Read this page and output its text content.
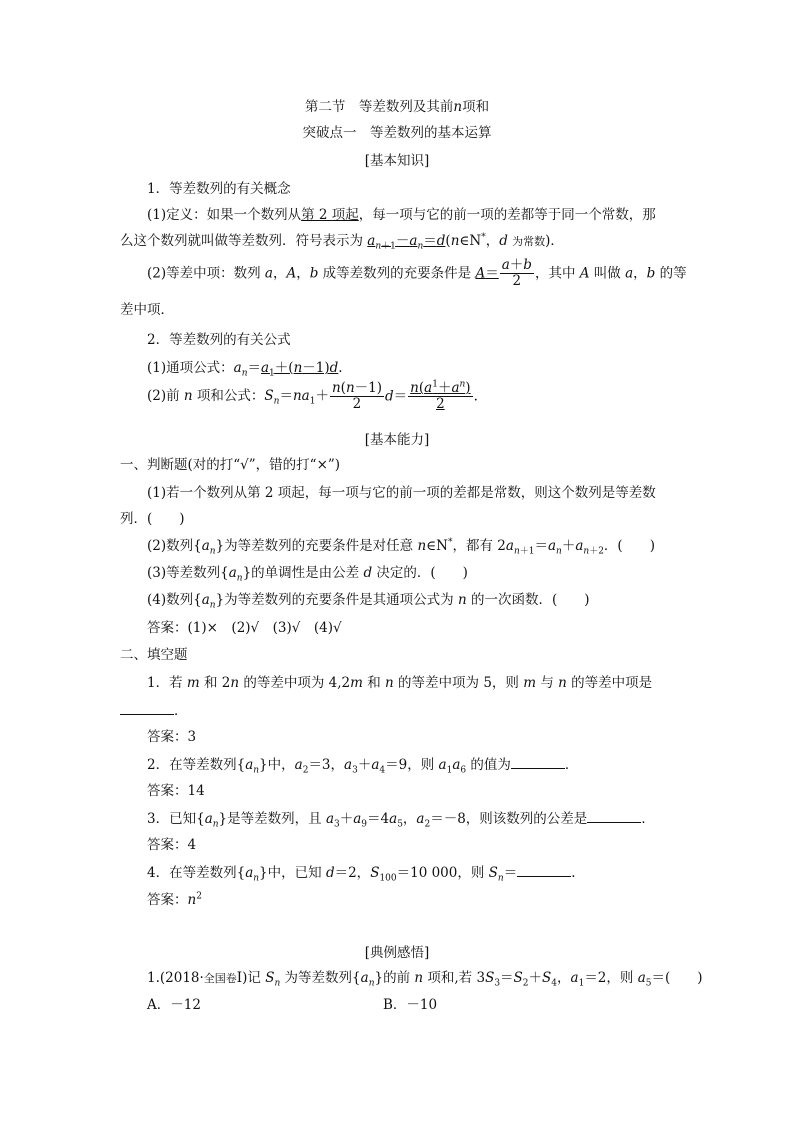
第二节　等差数列及其前n项和
突破点一　等差数列的基本运算
[基本知识]
1．等差数列的有关概念
(1)定义：如果一个数列从第 2 项起，每一项与它的前一项的差都等于同一个常数，那
么这个数列就叫做等差数列．符号表示为 $a_{n+1}-a_n=d(n\in N^*$，d 为常数)．
(2)等差中项：数列 a，A，b 成等差数列的充要条件是 $A= \frac{a+b}{2}$ ，其中 A 叫做 a，b 的等
差中项．
2．等差数列的有关公式
(1)通项公式：$a_n=a_1+(n-1)d$.
(2)前 n 项和公式：$S_n=na_1+ \frac{n(n-1)}{2} d= \frac{n(a^1+a^n)}{2}$ .
[基本能力]
一、判断题(对的打“√”，错的打“×”)
(1)若一个数列从第 2 项起，每一项与它的前一项的差都是常数，则这个数列是等差数
列．(　　)
(2)数列$\{a_n\}$为等差数列的充要条件是对任意 n∈N*，都有 $2a_{n+1}=a_n+a_{n+2}$．(　　)
(3)等差数列$\{a_n\}$的单调性是由公差 d 决定的．(　　)
(4)数列$\{a_n\}$为等差数列的充要条件是其通项公式为 n 的一次函数．(　　)
答案：(1)×　(2)√　(3)√　(4)√
二、填空题
1．若 m 和 2n 的等差中项为 4,2m 和 n 的等差中项为 5，则 m 与 n 的等差中项是
．
答案：3
2．在等差数列$\{a_n\}$中，$a_2=3$，$a_3+a_4=9$，则 $a_1a_6$ 的值为	．
答案：14
3．已知$\{a_n\}$是等差数列，且 $a_3+a_9=4a_5$，$a_2=-8$，则该数列的公差是	．
答案：4
4．在等差数列$\{a_n\}$中，已知 d＝2，$S_{100}=10$ 000，则 $S_n=$	.
答案：$n^2$
[典例感悟]
1.(2018·全国卷Ⅰ)记 $S_n$ 为等差数列$\{a_n\}$的前 n 项和,若 $3S_3=S_2+S_4$，$a_1=2$，则 $a_5=$(　　)
A．－12	B．－10
